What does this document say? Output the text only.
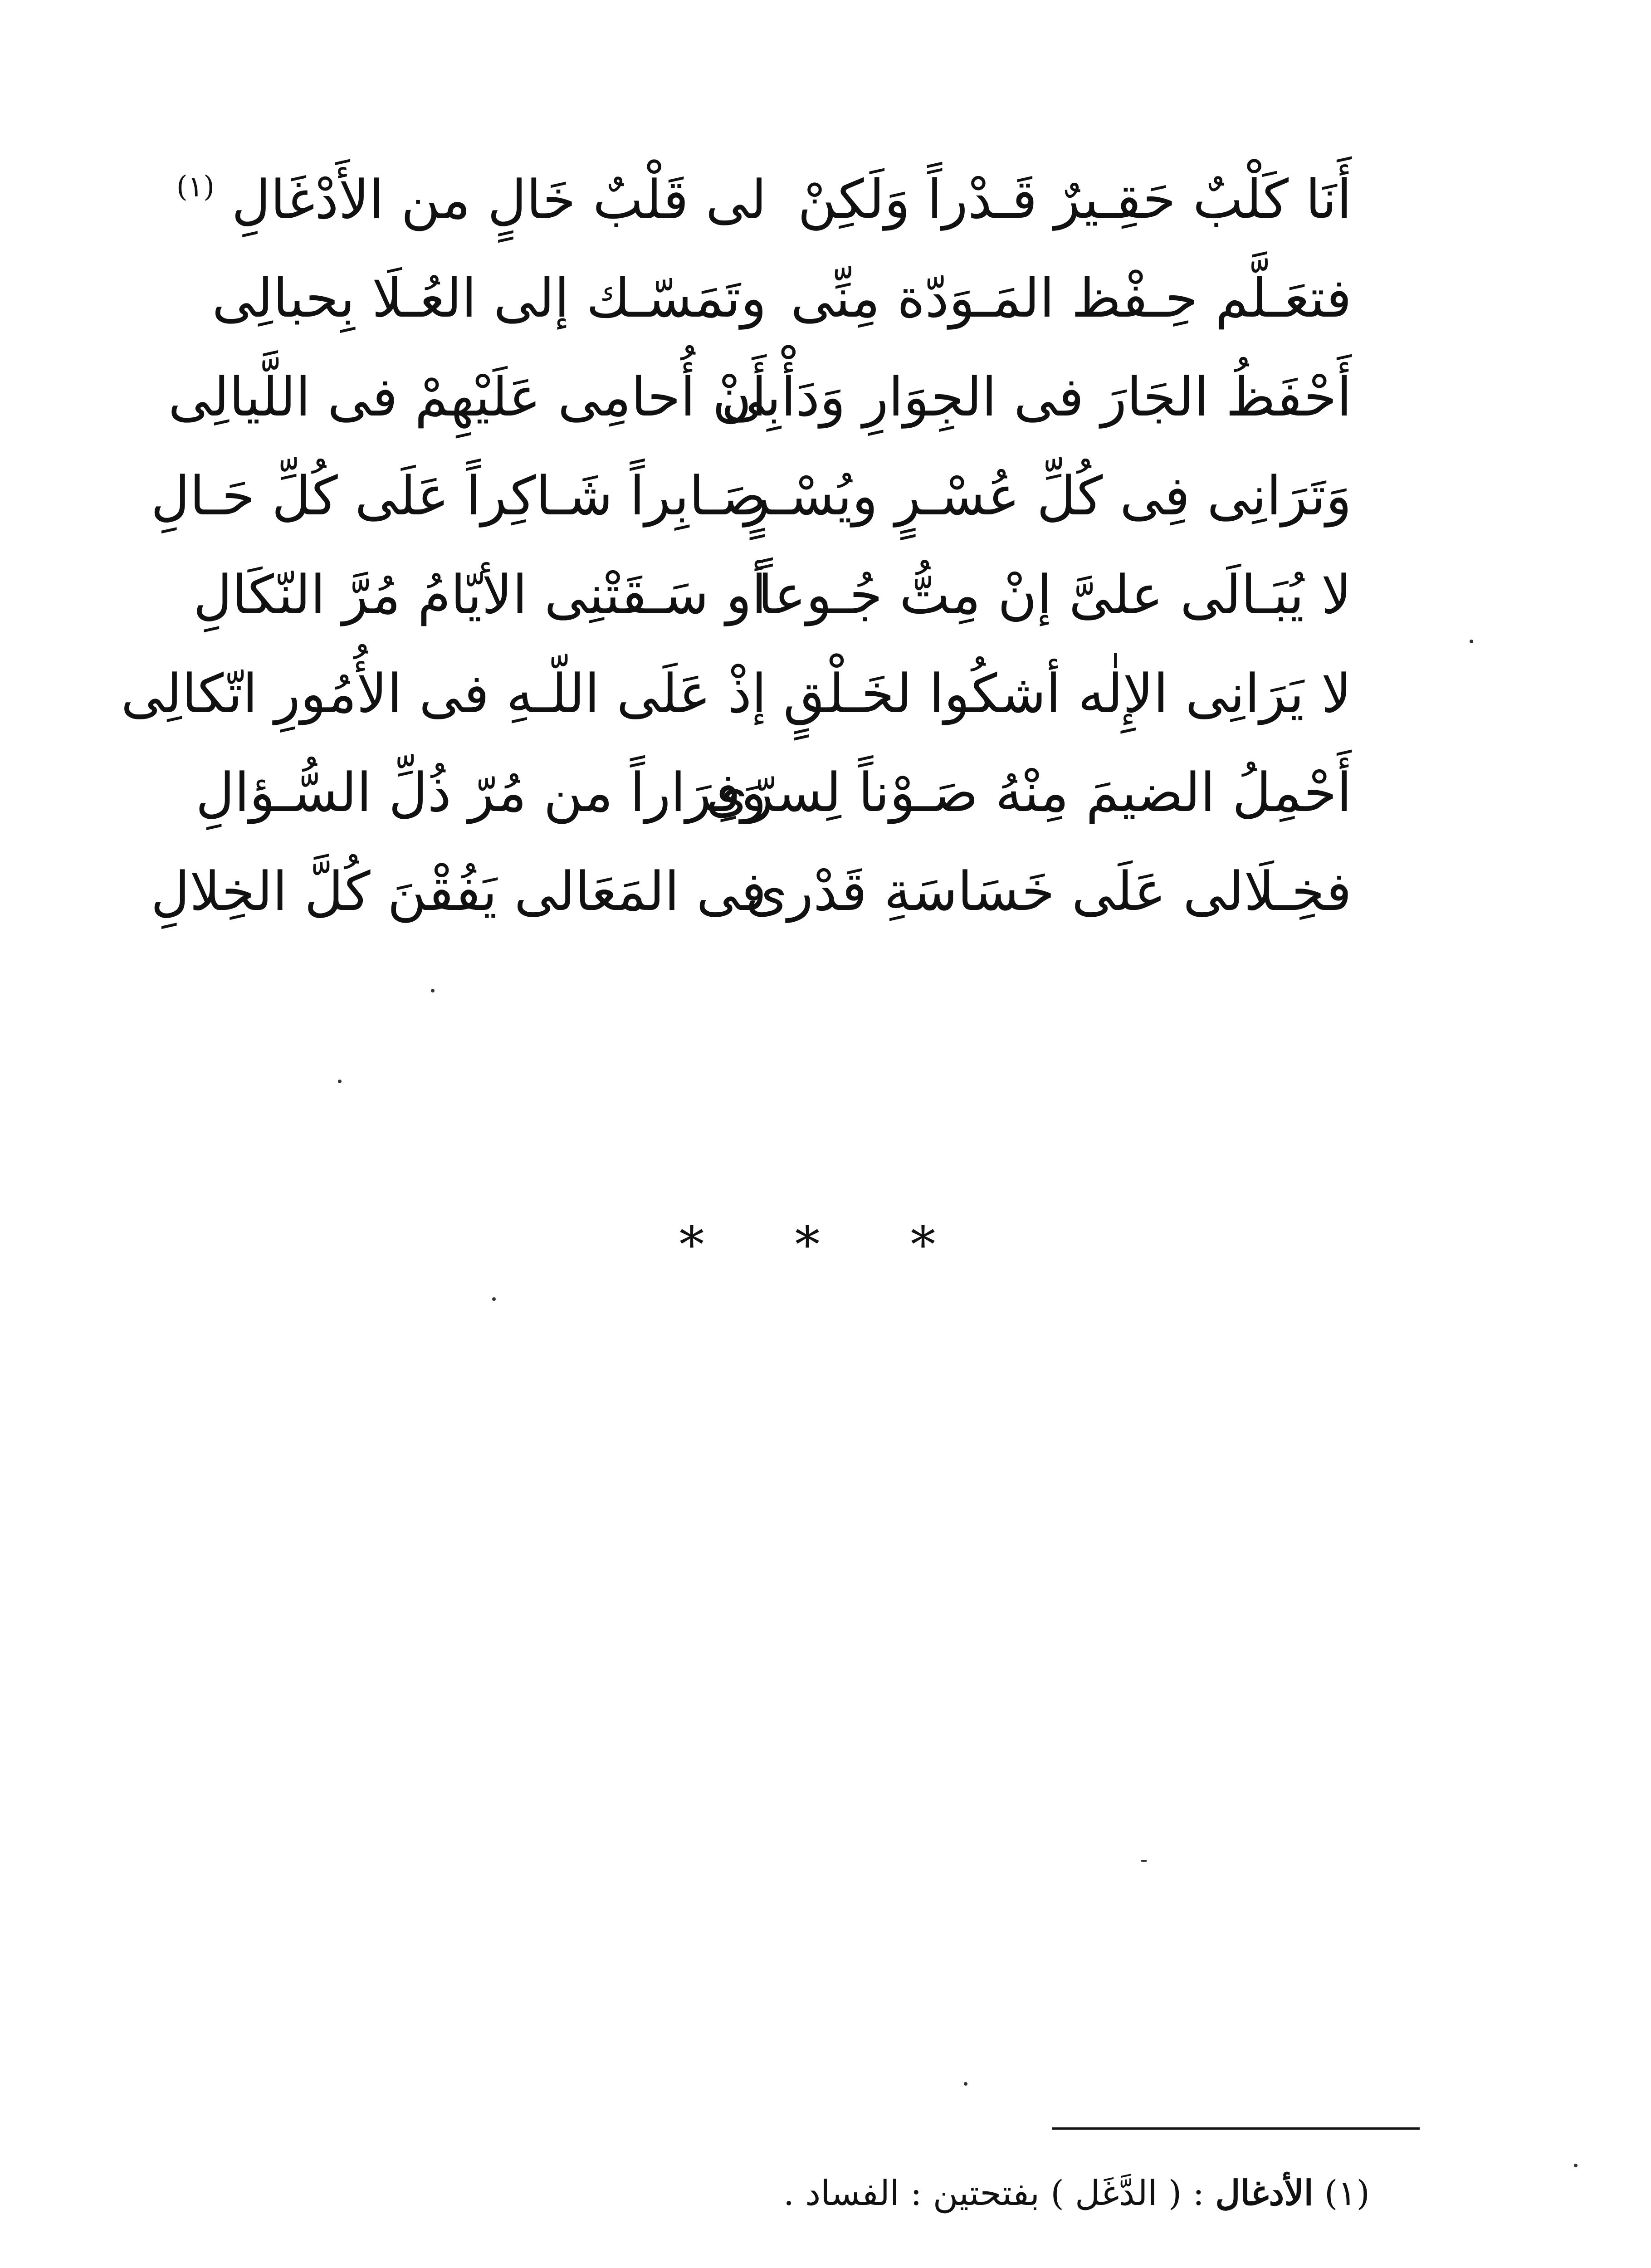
أَنَا كَلْبٌ حَقِـيرٌ قَـدْراً وَلَكِنْ
لى قَلْبٌ خَالٍ من الأَدْغَالِ $^{(١)}$
فتعَـلَّم حِـفْظ المَـوَدّة مِنِّى
وتَمَسّـك إلى العُـلَا بِحبالِى
أَحْفَظُ الجَارَ فى الجِوَارِ وَدَأْبِى
أَنْ أُحامِى عَلَيْهِمْ فى اللَّيالِى
وَتَرَانِى فِى كُلِّ عُسْـرٍ ويُسْـرٍ
صَـابِراً شَـاكِراً عَلَى كُلِّ حَـالِ
لا يُبَـالَى علىَّ إنْ مِتُّ جُـوعاً
أو سَـقَتْنِى الأيّامُ مُرَّ النّكَالِ
لا يَرَانِى الإِلٰه أشكُوا لخَـلْقٍ
إذْ عَلَى اللّـهِ فى الأُمُورِ اتّكالِى
أَحْمِلُ الضيمَ مِنْهُ صَـوْناً لِسرّى
وَفِرَاراً من مُرّ ذُلِّ السُّـؤالِ
فخِـلَالى عَلَى خَسَاسَةِ قَدْرى
فى المَعَالى يَفُقْنَ كُلَّ الخِلالِ
* * *
(١) الأدغال : ( الدَّغَل ) بفتحتين : الفساد .
